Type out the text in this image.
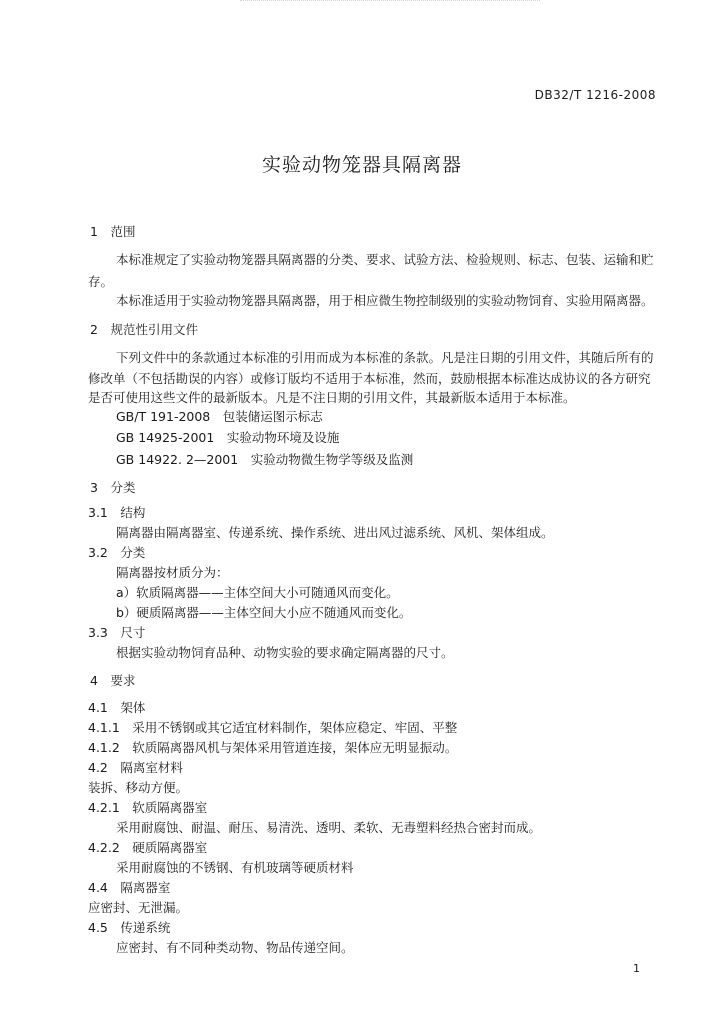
DB32/T 1216-2008
实验动物笼器具隔离器
1　范围
本标准规定了实验动物笼器具隔离器的分类、要求、试验方法、检验规则、标志、包装、运输和贮
存。
本标准适用于实验动物笼器具隔离器，用于相应微生物控制级别的实验动物饲育、实验用隔离器。
2　规范性引用文件
下列文件中的条款通过本标准的引用而成为本标准的条款。凡是注日期的引用文件，其随后所有的
修改单（不包括勘误的内容）或修订版均不适用于本标准，然而，鼓励根据本标准达成协议的各方研究
是否可使用这些文件的最新版本。凡是不注日期的引用文件，其最新版本适用于本标准。
GB/T 191-2008　包装储运图示标志
GB 14925-2001　实验动物环境及设施
GB 14922. 2—2001　实验动物微生物学等级及监测
3　分类
3.1　结构
隔离器由隔离器室、传递系统、操作系统、进出风过滤系统、风机、架体组成。
3.2　分类
隔离器按材质分为：
a）软质隔离器——主体空间大小可随通风而变化。
b）硬质隔离器——主体空间大小应不随通风而变化。
3.3　尺寸
根据实验动物饲育品种、动物实验的要求确定隔离器的尺寸。
4　要求
4.1　架体
4.1.1　采用不锈钢或其它适宜材料制作，架体应稳定、牢固、平整
4.1.2　软质隔离器风机与架体采用管道连接，架体应无明显振动。
4.2　隔离室材料
装拆、移动方便。
4.2.1　软质隔离器室
采用耐腐蚀、耐温、耐压、易清洗、透明、柔软、无毒塑料经热合密封而成。
4.2.2　硬质隔离器室
采用耐腐蚀的不锈钢、有机玻璃等硬质材料
4.4　隔离器室
应密封、无泄漏。
4.5　传递系统
应密封、有不同种类动物、物品传递空间。
1
